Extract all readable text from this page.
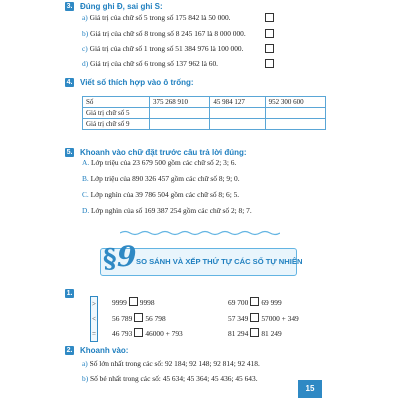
3. Đúng ghi Đ, sai ghi S:
a) Giá trị của chữ số 5 trong số 175 842 là 50 000.
b) Giá trị của chữ số 8 trong số 8 245 167 là 8 000 000.
c) Giá trị của chữ số 1 trong số 51 384 976 là 100 000.
d) Giá trị của chữ số 6 trong số 137 962 là 60.
4. Viết số thích hợp vào ô trống:
Số	375 268 910	45 984 127	952 300 600
Giá trị chữ số 5			
Giá trị chữ số 9			
5. Khoanh vào chữ đặt trước câu trả lời đúng:
A. Lớp triệu của 23 679 500 gồm các chữ số 2; 3; 6.
B. Lớp triệu của 890 326 457 gồm các chữ số 8; 9; 0.
C. Lớp nghìn của 39 786 504 gồm các chữ số 8; 6; 5.
D. Lớp nghìn của số 169 387 254 gồm các chữ số 2; 8; 7.
§ 9 SO SÁNH VÀ XẾP THỨ TỰ CÁC SỐ TỰ NHIÊN
1.
>
<
=
9999 9998	69 700 69 999
56 789 56 798	57 349 57000 + 349
46 793 46000 + 793	81 294 81 249
2. Khoanh vào:
a) Số lớn nhất trong các số: 92 184; 92 148; 92 814; 92 418.
b) Số bé nhất trong các số: 45 634; 45 364; 45 436; 45 643.
15
